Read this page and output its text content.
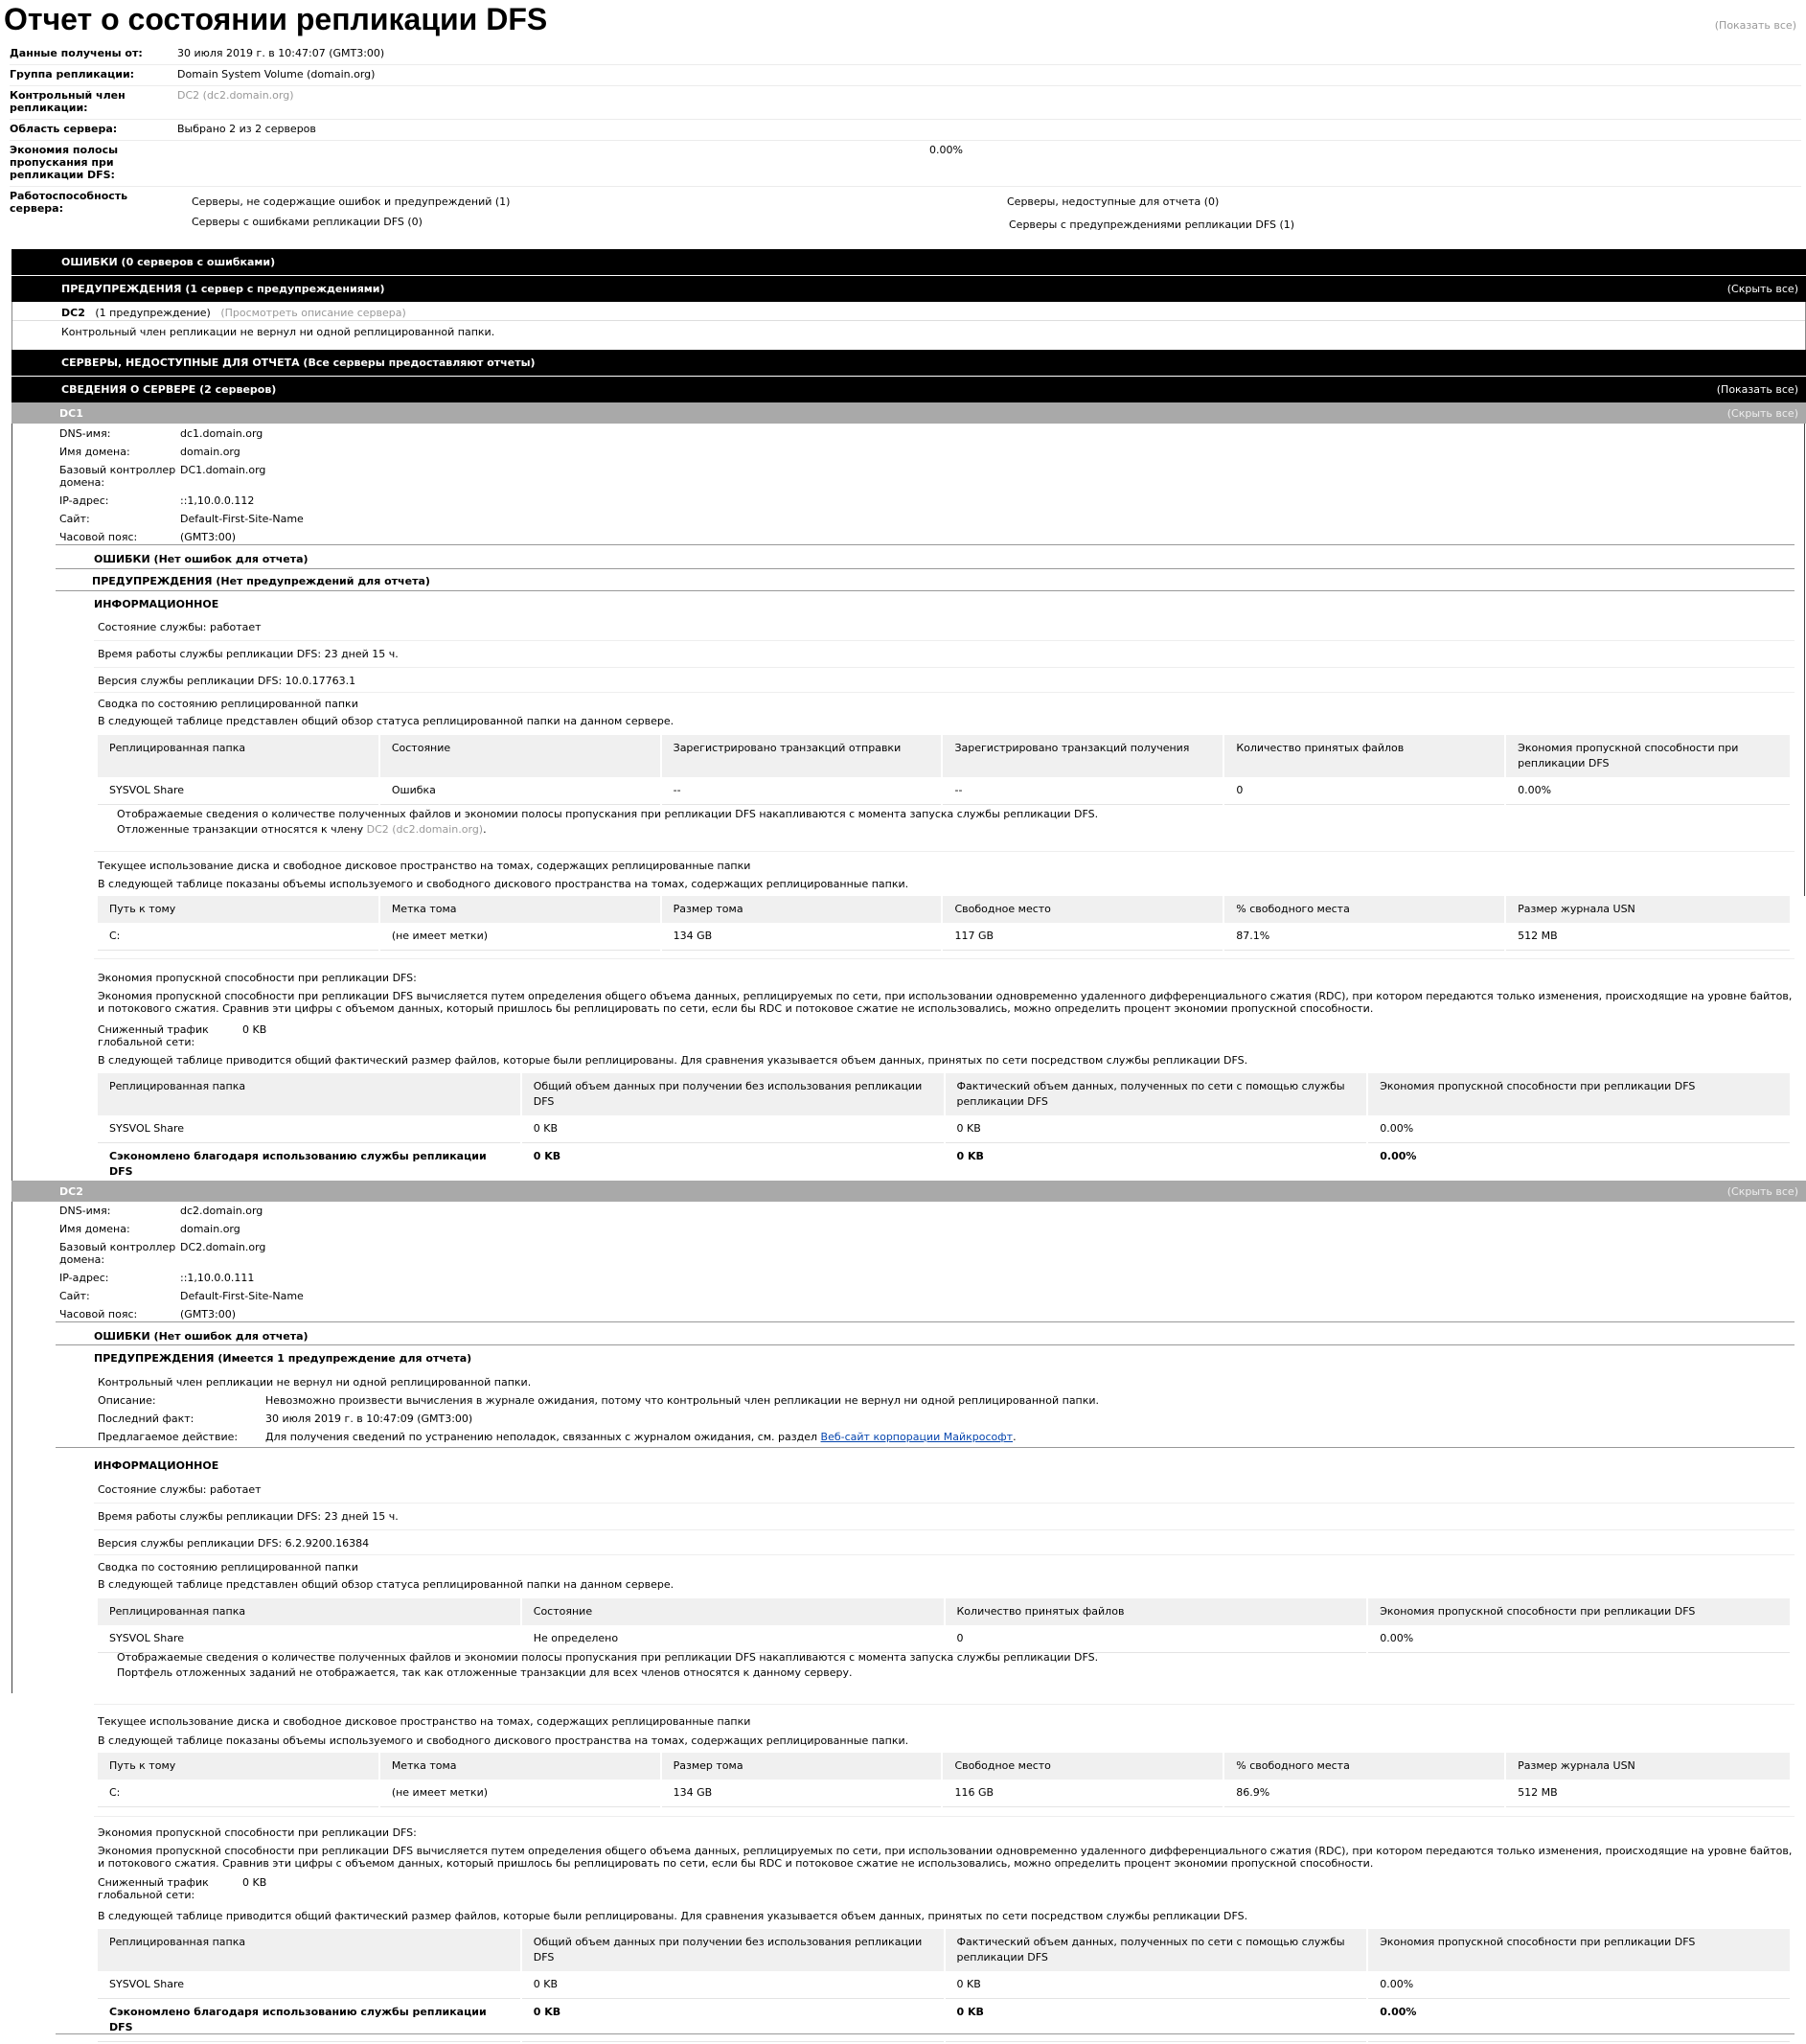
Отчет о состоянии репликации DFS	(Показать все)
Данные получены от:	30 июля 2019 г. в 10:47:07 (GMT3:00)
Группа репликации:	Domain System Volume (domain.org)
Контрольный член репликации:
DC2 (dc2.domain.org)
Область сервера:	Выбрано 2 из 2 серверов
Экономия полосы пропускания при репликации DFS:
0.00%
Работоспособность сервера:
Серверы, не содержащие ошибок и предупреждений (1)
Серверы с ошибками репликации DFS (0)
Серверы, недоступные для отчета (0)
Серверы с предупреждениями репликации DFS (1)
ОШИБКИ (0 серверов с ошибками)
ПРЕДУПРЕЖДЕНИЯ (1 сервер с предупреждениями)	(Скрыть все)
DC2 (1 предупреждение) (Просмотреть описание сервера)
Контрольный член репликации не вернул ни одной реплицированной папки.
СЕРВЕРЫ, НЕДОСТУПНЫЕ ДЛЯ ОТЧЕТА (Все серверы предоставляют отчеты)
СВЕДЕНИЯ О СЕРВЕРЕ (2 серверов)	(Показать все)
DC1	(Скрыть все)
DNS-имя:	dc1.domain.org
Имя домена:	domain.org
Базовый контроллер домена:
DC1.domain.org
IP-адрес:	::1,10.0.0.112
Сайт:	Default-First-Site-Name
Часовой пояс:	(GMT3:00)
ОШИБКИ (Нет ошибок для отчета)
ПРЕДУПРЕЖДЕНИЯ (Нет предупреждений для отчета)
ИНФОРМАЦИОННОЕ
Состояние службы: работает
Время работы службы репликации DFS: 23 дней 15 ч.
Версия службы репликации DFS: 10.0.17763.1
Сводка по состоянию реплицированной папки
В следующей таблице представлен общий обзор статуса реплицированной папки на данном сервере.
Реплицированная папка	Состояние	Зарегистрировано транзакций отправки	Зарегистрировано транзакций получения	Количество принятых файлов	Экономия пропускной способности при репликации DFS
SYSVOL Share	Ошибка	--	--	0	0.00%
Отображаемые сведения о количестве полученных файлов и экономии полосы пропускания при репликации DFS накапливаются с момента запуска службы репликации DFS.
Отложенные транзакции относятся к члену DC2 (dc2.domain.org).
Текущее использование диска и свободное дисковое пространство на томах, содержащих реплицированные папки
В следующей таблице показаны объемы используемого и свободного дискового пространства на томах, содержащих реплицированные папки.
Путь к тому	Метка тома	Размер тома	Свободное место	% свободного места	Размер журнала USN
C:	(не имеет метки)	134 GB	117 GB	87.1%	512 MB
Экономия пропускной способности при репликации DFS:
Экономия пропускной способности при репликации DFS вычисляется путем определения общего объема данных, реплицируемых по сети, при использовании одновременно удаленного дифференциального сжатия (RDC), при котором передаются только изменения, происходящие на уровне байтов, и потокового сжатия. Сравнив эти цифры с объемом данных, который пришлось бы реплицировать по сети, если бы RDC и потоковое сжатие не использовались, можно определить процент экономии пропускной способности.
Сниженный трафик глобальной сети:
0 KB
В следующей таблице приводится общий фактический размер файлов, которые были реплицированы. Для сравнения указывается объем данных, принятых по сети посредством службы репликации DFS.
Реплицированная папка	Общий объем данных при получении без использования репликации DFS	Фактический объем данных, полученных по сети с помощью службы репликации DFS	Экономия пропускной способности при репликации DFS
SYSVOL Share	0 KB	0 KB	0.00%
Сэкономлено благодаря использованию службы репликации DFS	0 KB	0 KB	0.00%
DC2	(Скрыть все)
DNS-имя:	dc2.domain.org
Имя домена:	domain.org
Базовый контроллер домена:
DC2.domain.org
IP-адрес:	::1,10.0.0.111
Сайт:	Default-First-Site-Name
Часовой пояс:	(GMT3:00)
ОШИБКИ (Нет ошибок для отчета)
ПРЕДУПРЕЖДЕНИЯ (Имеется 1 предупреждение для отчета)
Контрольный член репликации не вернул ни одной реплицированной папки.
Описание:	Невозможно произвести вычисления в журнале ожидания, потому что контрольный член репликации не вернул ни одной реплицированной папки.
Последний факт:	30 июля 2019 г. в 10:47:09 (GMT3:00)
Предлагаемое действие:	Для получения сведений по устранению неполадок, связанных с журналом ожидания, см. раздел Веб-сайт корпорации Майкрософт.
ИНФОРМАЦИОННОЕ
Состояние службы: работает
Время работы службы репликации DFS: 23 дней 15 ч.
Версия службы репликации DFS: 6.2.9200.16384
Сводка по состоянию реплицированной папки
В следующей таблице представлен общий обзор статуса реплицированной папки на данном сервере.
Реплицированная папка	Состояние	Количество принятых файлов	Экономия пропускной способности при репликации DFS
SYSVOL Share	Не определено	0	0.00%
Отображаемые сведения о количестве полученных файлов и экономии полосы пропускания при репликации DFS накапливаются с момента запуска службы репликации DFS.
Портфель отложенных заданий не отображается, так как отложенные транзакции для всех членов относятся к данному серверу.
Текущее использование диска и свободное дисковое пространство на томах, содержащих реплицированные папки
В следующей таблице показаны объемы используемого и свободного дискового пространства на томах, содержащих реплицированные папки.
Путь к тому	Метка тома	Размер тома	Свободное место	% свободного места	Размер журнала USN
C:	(не имеет метки)	134 GB	116 GB	86.9%	512 MB
Экономия пропускной способности при репликации DFS:
Экономия пропускной способности при репликации DFS вычисляется путем определения общего объема данных, реплицируемых по сети, при использовании одновременно удаленного дифференциального сжатия (RDC), при котором передаются только изменения, происходящие на уровне байтов, и потокового сжатия. Сравнив эти цифры с объемом данных, который пришлось бы реплицировать по сети, если бы RDC и потоковое сжатие не использовались, можно определить процент экономии пропускной способности.
Сниженный трафик глобальной сети:
0 KB
В следующей таблице приводится общий фактический размер файлов, которые были реплицированы. Для сравнения указывается объем данных, принятых по сети посредством службы репликации DFS.
Реплицированная папка	Общий объем данных при получении без использования репликации DFS	Фактический объем данных, полученных по сети с помощью службы репликации DFS	Экономия пропускной способности при репликации DFS
SYSVOL Share	0 KB	0 KB	0.00%
Сэкономлено благодаря использованию службы репликации DFS	0 KB	0 KB	0.00%
